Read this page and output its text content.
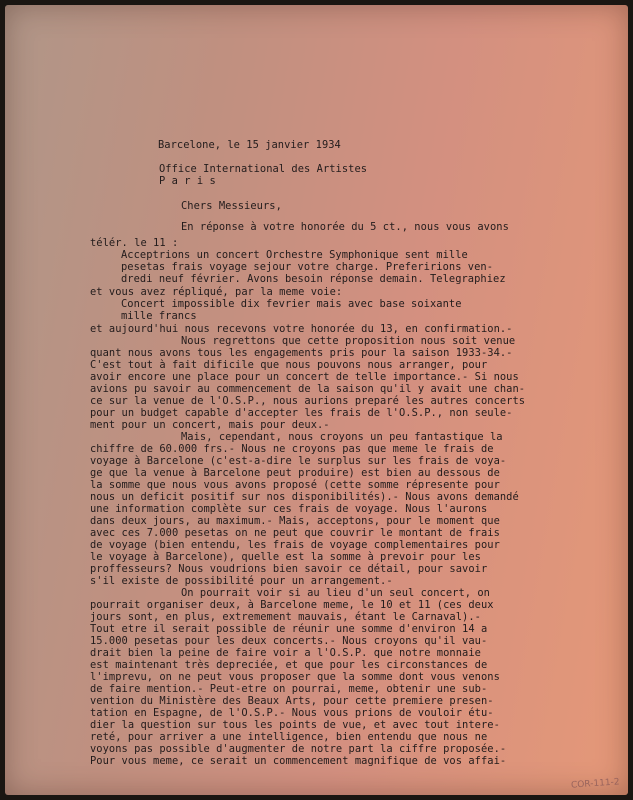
Barcelone, le 15 janvier 1934
Office International des Artistes
P a r i s
Chers Messieurs,
En réponse à votre honorée du 5 ct., nous vous avons
télér. le 11 :
Acceptrions un concert Orchestre Symphonique sent mille
pesetas frais voyage sejour votre charge. Preferirions ven-
dredi neuf février. Avons besoin réponse demain. Telegraphiez
et vous avez répliqué, par la meme voie:
Concert impossible dix fevrier mais avec base soixante
mille francs
et aujourd'hui nous recevons votre honorée du 13, en confirmation.-
Nous regrettons que cette proposition nous soit venue
quant nous avons tous les engagements pris pour la saison 1933-34.-
C'est tout à fait dificile que nous pouvons nous arranger, pour
avoir encore une place pour un concert de telle importance.- Si nous
avions pu savoir au commencement de la saison qu'il y avait une chan-
ce sur la venue de l'O.S.P., nous aurions preparé les autres concerts
pour un budget capable d'accepter les frais de l'O.S.P., non seule-
ment pour un concert, mais pour deux.-
Mais, cependant, nous croyons un peu fantastique la
chiffre de 60.000 frs.- Nous ne croyons pas que meme le frais de
voyage à Barcelone (c'est-a-dire le surplus sur les frais de voya-
ge que la venue à Barcelone peut produire) est bien au dessous de
la somme que nous vous avons proposé (cette somme répresente pour
nous un deficit positif sur nos disponibilités).- Nous avons demandé
une information complète sur ces frais de voyage. Nous l'aurons
dans deux jours, au maximum.- Mais, acceptons, pour le moment que
avec ces 7.000 pesetas on ne peut que couvrir le montant de frais
de voyage (bien entendu, les frais de voyage complementaires pour
le voyage à Barcelone), quelle est la somme à prevoir pour les
proffesseurs? Nous voudrions bien savoir ce détail, pour savoir
s'il existe de possibilité pour un arrangement.-
On pourrait voir si au lieu d'un seul concert, on
pourrait organiser deux, à Barcelone meme, le 10 et 11 (ces deux
jours sont, en plus, extremement mauvais, étant le Carnaval).-
Tout etre il serait possible de réunir une somme d'environ 14 a
15.000 pesetas pour les deux concerts.- Nous croyons qu'il vau-
drait bien la peine de faire voir a l'O.S.P. que notre monnaie
est maintenant très depreciée, et que pour les circonstances de
l'imprevu, on ne peut vous proposer que la somme dont vous venons
de faire mention.- Peut-etre on pourrai, meme, obtenir une sub-
vention du Ministère des Beaux Arts, pour cette premiere presen-
tation en Espagne, de l'O.S.P.- Nous vous prions de vouloir étu-
dier la question sur tous les points de vue, et avec tout intere-
reté, pour arriver a une intelligence, bien entendu que nous ne
voyons pas possible d'augmenter de notre part la ciffre proposée.-
Pour vous meme, ce serait un commencement magnifique de vos affai-
COR-111-2
